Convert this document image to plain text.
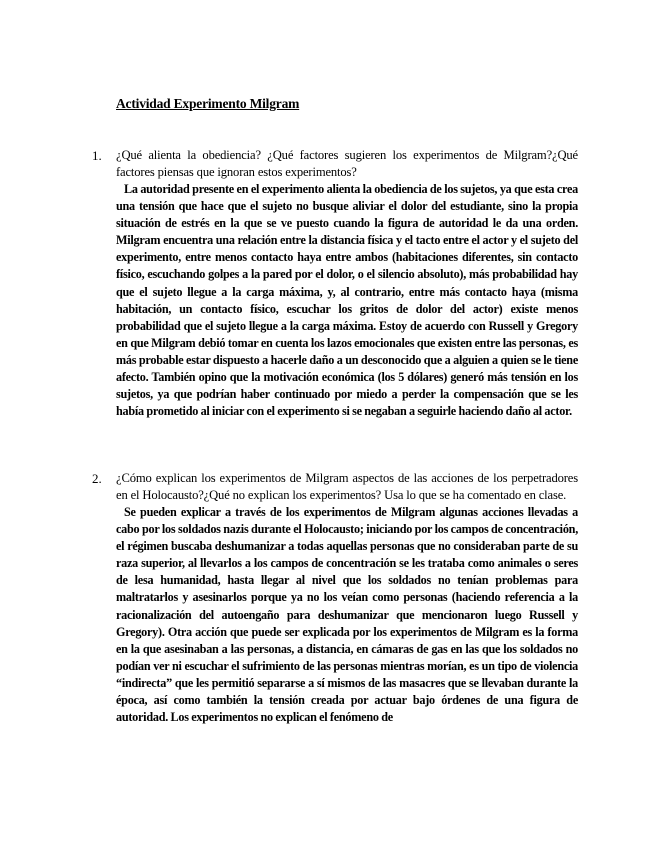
Actividad Experimento Milgram
1. ¿Qué alienta la obediencia? ¿Qué factores sugieren los experimentos de Milgram?¿Qué factores piensas que ignoran estos experimentos?
La autoridad presente en el experimento alienta la obediencia de los sujetos, ya que esta crea una tensión que hace que el sujeto no busque aliviar el dolor del estudiante, sino la propia situación de estrés en la que se ve puesto cuando la figura de autoridad le da una orden. Milgram encuentra una relación entre la distancia física y el tacto entre el actor y el sujeto del experimento, entre menos contacto haya entre ambos (habitaciones diferentes, sin contacto físico, escuchando golpes a la pared por el dolor, o el silencio absoluto), más probabilidad hay que el sujeto llegue a la carga máxima, y, al contrario, entre más contacto haya (misma habitación, un contacto físico, escuchar los gritos de dolor del actor) existe menos probabilidad que el sujeto llegue a la carga máxima. Estoy de acuerdo con Russell y Gregory en que Milgram debió tomar en cuenta los lazos emocionales que existen entre las personas, es más probable estar dispuesto a hacerle daño a un desconocido que a alguien a quien se le tiene afecto. También opino que la motivación económica (los 5 dólares) generó más tensión en los sujetos, ya que podrían haber continuado por miedo a perder la compensación que se les había prometido al iniciar con el experimento si se negaban a seguirle haciendo daño al actor.
2. ¿Cómo explican los experimentos de Milgram aspectos de las acciones de los perpetradores en el Holocausto?¿Qué no explican los experimentos? Usa lo que se ha comentado en clase.
Se pueden explicar a través de los experimentos de Milgram algunas acciones llevadas a cabo por los soldados nazis durante el Holocausto; iniciando por los campos de concentración, el régimen buscaba deshumanizar a todas aquellas personas que no consideraban parte de su raza superior, al llevarlos a los campos de concentración se les trataba como animales o seres de lesa humanidad, hasta llegar al nivel que los soldados no tenían problemas para maltratarlos y asesinarlos porque ya no los veían como personas (haciendo referencia a la racionalización del autoengaño para deshumanizar que mencionaron luego Russell y Gregory). Otra acción que puede ser explicada por los experimentos de Milgram es la forma en la que asesinaban a las personas, a distancia, en cámaras de gas en las que los soldados no podían ver ni escuchar el sufrimiento de las personas mientras morían, es un tipo de violencia “indirecta” que les permitió separarse a sí mismos de las masacres que se llevaban durante la época, así como también la tensión creada por actuar bajo órdenes de una figura de autoridad. Los experimentos no explican el fenómeno de
